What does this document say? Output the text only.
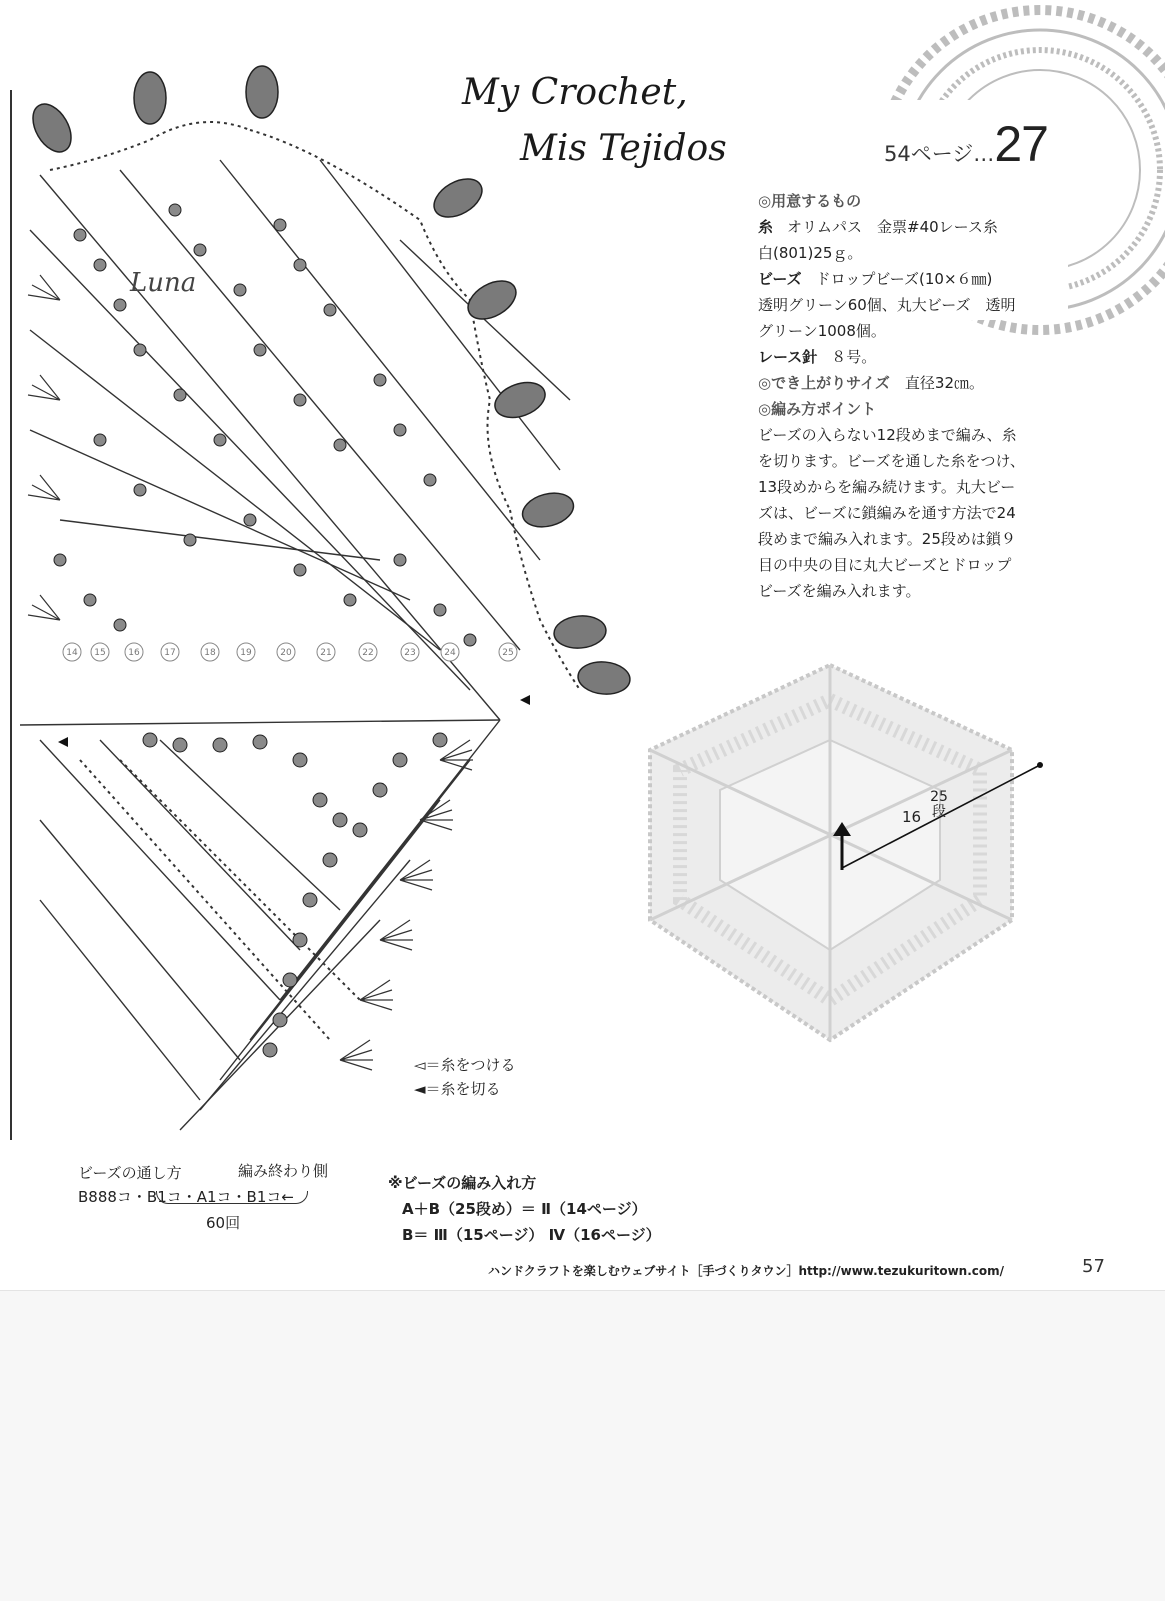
14 15	16	17	18	19	20	21	22	23	24	25
My Crochet,
Mis Tejidos
Luna
54ページ…27
◎用意するもの
糸 オリムパス　金票#40レース糸
白(801)25ｇ。
ビーズ ドロップビーズ(10×６㎜)
透明グリーン60個、丸大ビーズ　透明
グリーン1008個。
レース針 ８号。
◎でき上がりサイズ　 直径32㎝。
◎編み方ポイント
ビーズの入らない12段めまで編み、糸
を切ります。ビーズを通した糸をつけ、
13段めからを編み続けます。丸大ビー
ズは、ビーズに鎖編みを通す方法で24
段めまで編み入れます。25段めは鎖９
目の中央の目に丸大ビーズとドロップ
ビーズを編み入れます。
16
25
段
◅＝糸をつける
◄＝糸を切る
ビーズの通し方	編み終わり側
B888コ・B1コ・A1コ・B1コ←
60回
※ビーズの編み入れ方
A＋B（25段め）＝ Ⅱ（14ページ）
B＝ Ⅲ（15ページ） Ⅳ（16ページ）
ハンドクラフトを楽しむウェブサイト［手づくりタウン］http://www.tezukuritown.com/	57
